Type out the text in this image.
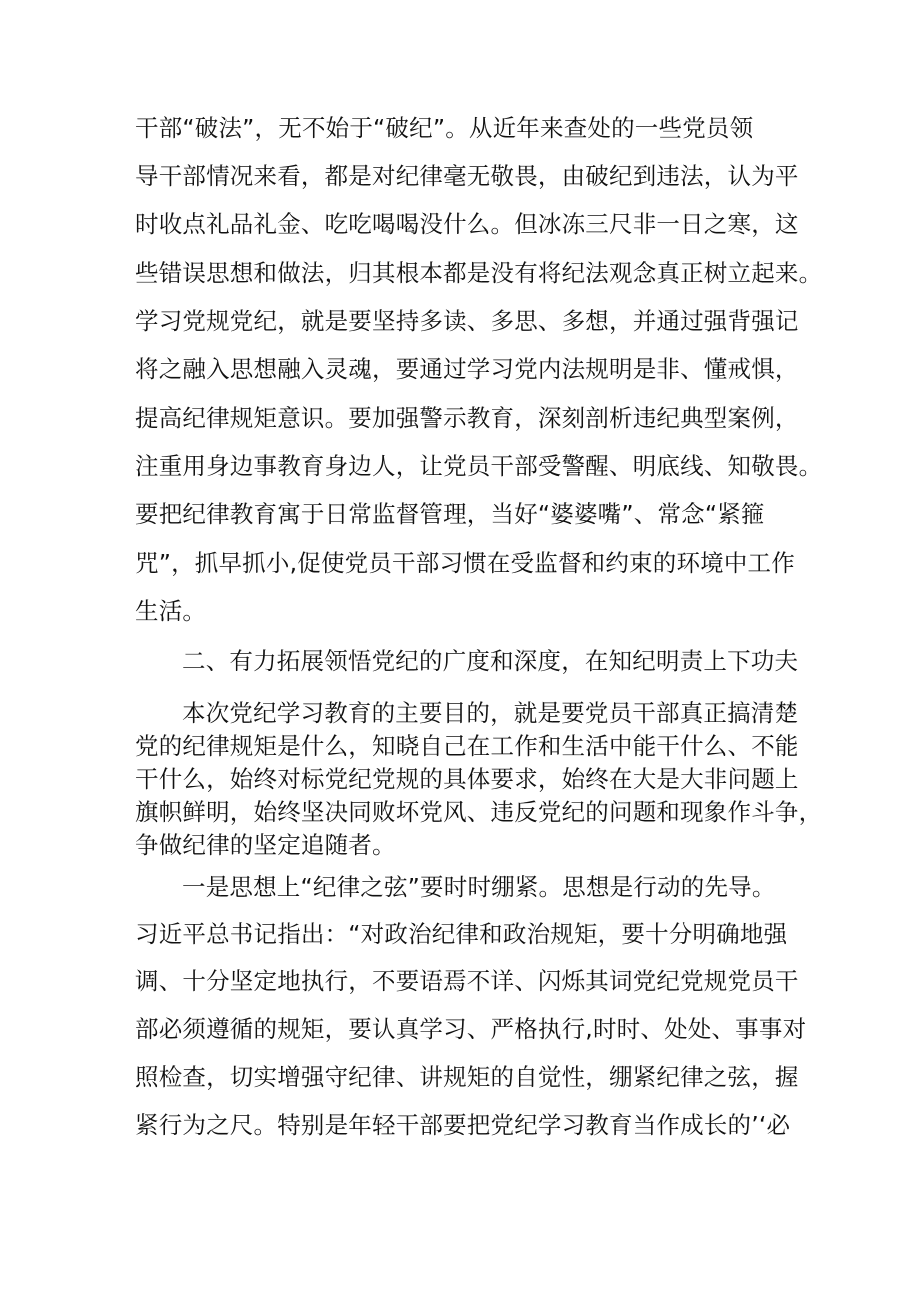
干部“破法”，无不始于“破纪”。从近年来查处的一些党员领
导干部情况来看，都是对纪律毫无敬畏，由破纪到违法，认为平
时收点礼品礼金、吃吃喝喝没什么。但冰冻三尺非一日之寒，这
些错误思想和做法，归其根本都是没有将纪法观念真正树立起来。
学习党规党纪，就是要坚持多读、多思、多想，并通过强背强记
将之融入思想融入灵魂，要通过学习党内法规明是非、懂戒惧，
提高纪律规矩意识。要加强警示教育，深刻剖析违纪典型案例，
注重用身边事教育身边人，让党员干部受警醒、明底线、知敬畏。
要把纪律教育寓于日常监督管理，当好“婆婆嘴”、常念“紧箍
咒”，抓早抓小,促使党员干部习惯在受监督和约束的环境中工作
生活。
二、有力拓展领悟党纪的广度和深度，在知纪明责上下功夫
本次党纪学习教育的主要目的，就是要党员干部真正搞清楚
党的纪律规矩是什么，知晓自己在工作和生活中能干什么、不能
干什么，始终对标党纪党规的具体要求，始终在大是大非问题上
旗帜鲜明，始终坚决同败坏党风、违反党纪的问题和现象作斗争，
争做纪律的坚定追随者。
一是思想上“纪律之弦”要时时绷紧。思想是行动的先导。
习近平总书记指出：“对政治纪律和政治规矩，要十分明确地强
调、十分坚定地执行，不要语焉不详、闪烁其词党纪党规党员干
部必须遵循的规矩，要认真学习、严格执行,时时、处处、事事对
照检查，切实增强守纪律、讲规矩的自觉性，绷紧纪律之弦，握
紧行为之尺。特别是年轻干部要把党纪学习教育当作成长的’‘必
